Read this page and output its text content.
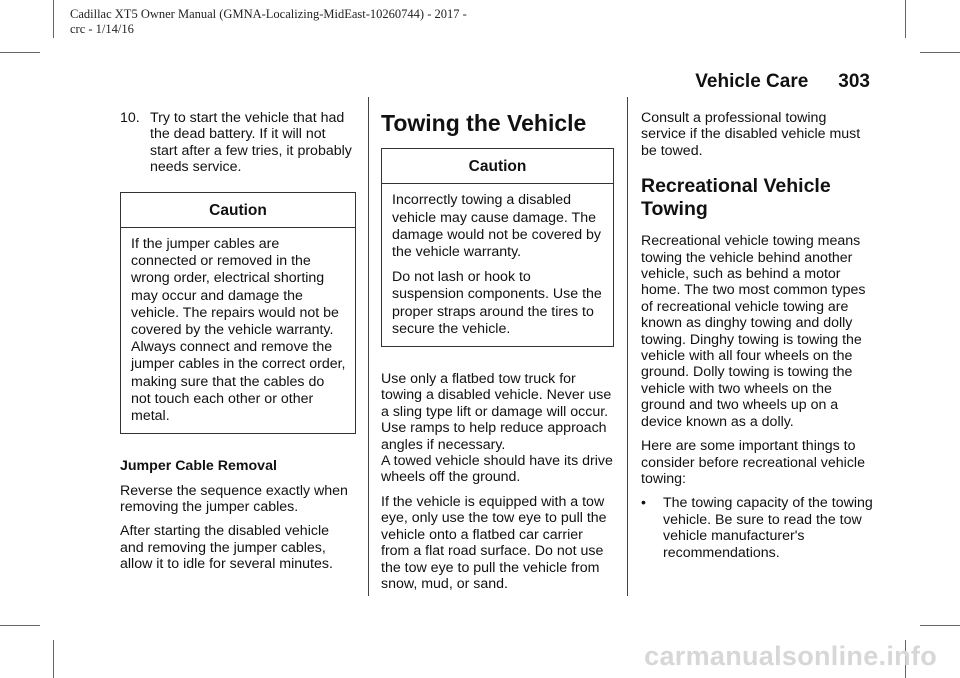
Cadillac XT5 Owner Manual (GMNA-Localizing-MidEast-10260744) - 2017 -
crc - 1/14/16
Vehicle Care 303
10. Try to start the vehicle that had the dead battery. If it will not start after a few tries, it probably needs service.
Caution

If the jumper cables are connected or removed in the wrong order, electrical shorting may occur and damage the vehicle. The repairs would not be covered by the vehicle warranty. Always connect and remove the jumper cables in the correct order, making sure that the cables do not touch each other or other metal.

Jumper Cable Removal

Reverse the sequence exactly when removing the jumper cables.

After starting the disabled vehicle and removing the jumper cables, allow it to idle for several minutes.

Towing the Vehicle
Caution

Incorrectly towing a disabled vehicle may cause damage. The damage would not be covered by the vehicle warranty.

Do not lash or hook to suspension components. Use the proper straps around the tires to secure the vehicle.

Use only a flatbed tow truck for towing a disabled vehicle. Never use a sling type lift or damage will occur. Use ramps to help reduce approach angles if necessary.

A towed vehicle should have its drive wheels off the ground.

If the vehicle is equipped with a tow eye, only use the tow eye to pull the vehicle onto a flatbed car carrier from a flat road surface. Do not use the tow eye to pull the vehicle from snow, mud, or sand.

Consult a professional towing service if the disabled vehicle must be towed.

Recreational Vehicle Towing

Recreational vehicle towing means towing the vehicle behind another vehicle, such as behind a motor home. The two most common types of recreational vehicle towing are known as dinghy towing and dolly towing. Dinghy towing is towing the vehicle with all four wheels on the ground. Dolly towing is towing the vehicle with two wheels on the ground and two wheels up on a device known as a dolly.

Here are some important things to consider before recreational vehicle towing:

•	The towing capacity of the towing vehicle. Be sure to read the tow vehicle manufacturer's recommendations.
carmanualsonline.info
